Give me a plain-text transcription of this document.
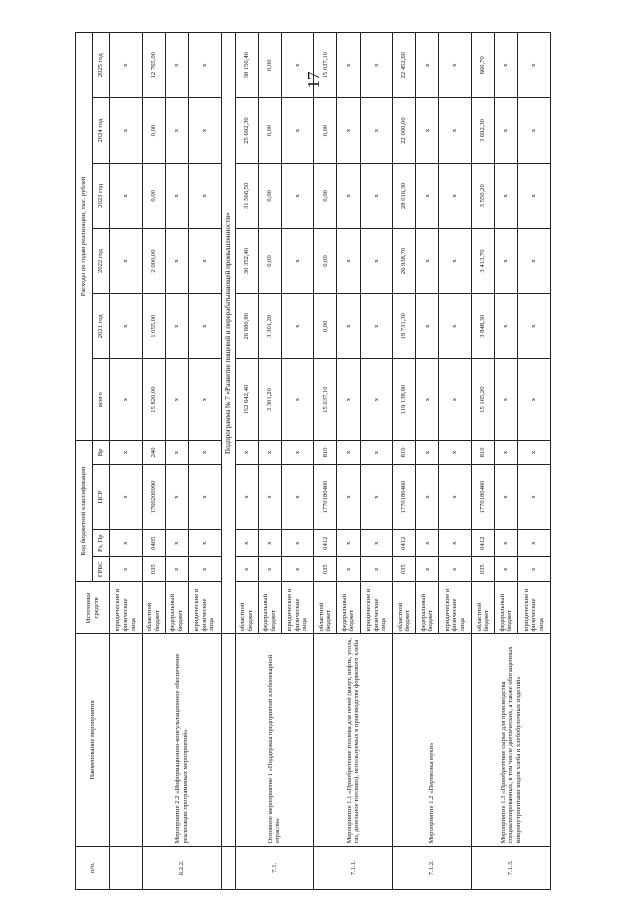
17
п/п.	Наименование мероприятия	Источники средств	Код бюджетной классификации				Расходы по годам реализации, тыс. рублей					
			ГРБС	Рз, Пр	ЦСР	Вр	всего	2021 год	2022 год	2023 год	2024 год	2025 год
		юридические и физические лица	x	x	x	x	x	x	x	x	x	x
6.2.2.	Мероприятие 2.2 «Информационно-консультационное обеспечение реализации программных мероприятий»	областной бюджет	035	0405	1760200990	240	15 820,00	1 055,00	2 000,00	0,00	0,00	12 765,00
		федеральный бюджет	x	x	x	x	x	x	x	x	x	x
		юридические и физические лица	x	x	x	x	x	x	x	x	x	x
		Подпрограмма № 7 «Развитие пищевой и перерабатывающей промышленности»										
7.1.	Основное мероприятие 1 «Поддержка предприятий хлебопекарной отрасли»	областной бюджет	x	x	x	x	152 642,40	26 880,80	30 352,40	31 566,50	25 692,30	38 150,40
		федеральный бюджет	x	x	x	x	3 301,20	3 301,20	0,00	0,00	0,00	0,00
		юридические и физические лица	x	x	x	x	x	x	x	x	x	x
7.1.1.	Мероприятие 1.1 «Приобретение топлива для печей (мазут, нефть, уголь, газ, дизельное топливо), используемых в производстве формового хлеба	областной бюджет	035	0412	1770180460	810	15 037,10	0,00	0,00	0,00	0,00	15 037,10
		федеральный бюджет	x	x	x	x	x	x	x	x	x	x
		юридические и физические лица	x	x	x	x	x	x	x	x	x	x
7.1.2.	Мероприятие 1.2 «Перевозка муки»	областной бюджет	035	0412	1770180460	810	119 138,90	19 731,30	26 938,70	28 016,30	22 000,00	22 452,60
		федеральный бюджет	x	x	x	x	x	x	x	x	x	x
		юридические и физические лица	x	x	x	x	x	x	x	x	x	x
7.1.3.	Мероприятие 1.3 «Приобретение сырья для производства специализированных, в том числе диетических, а также обогащенных микронутриентами видов хлеба и хлебобулочных изделий»	областной бюджет	035	0412	1770180460	810	15 165,20	3 848,30	3 413,70	3 550,20	3 692,30	660,70
		федеральный бюджет	x	x	x	x	x	x	x	x	x	x
		юридические и физические лица	x	x	x	x	x	x	x	x	x	x
